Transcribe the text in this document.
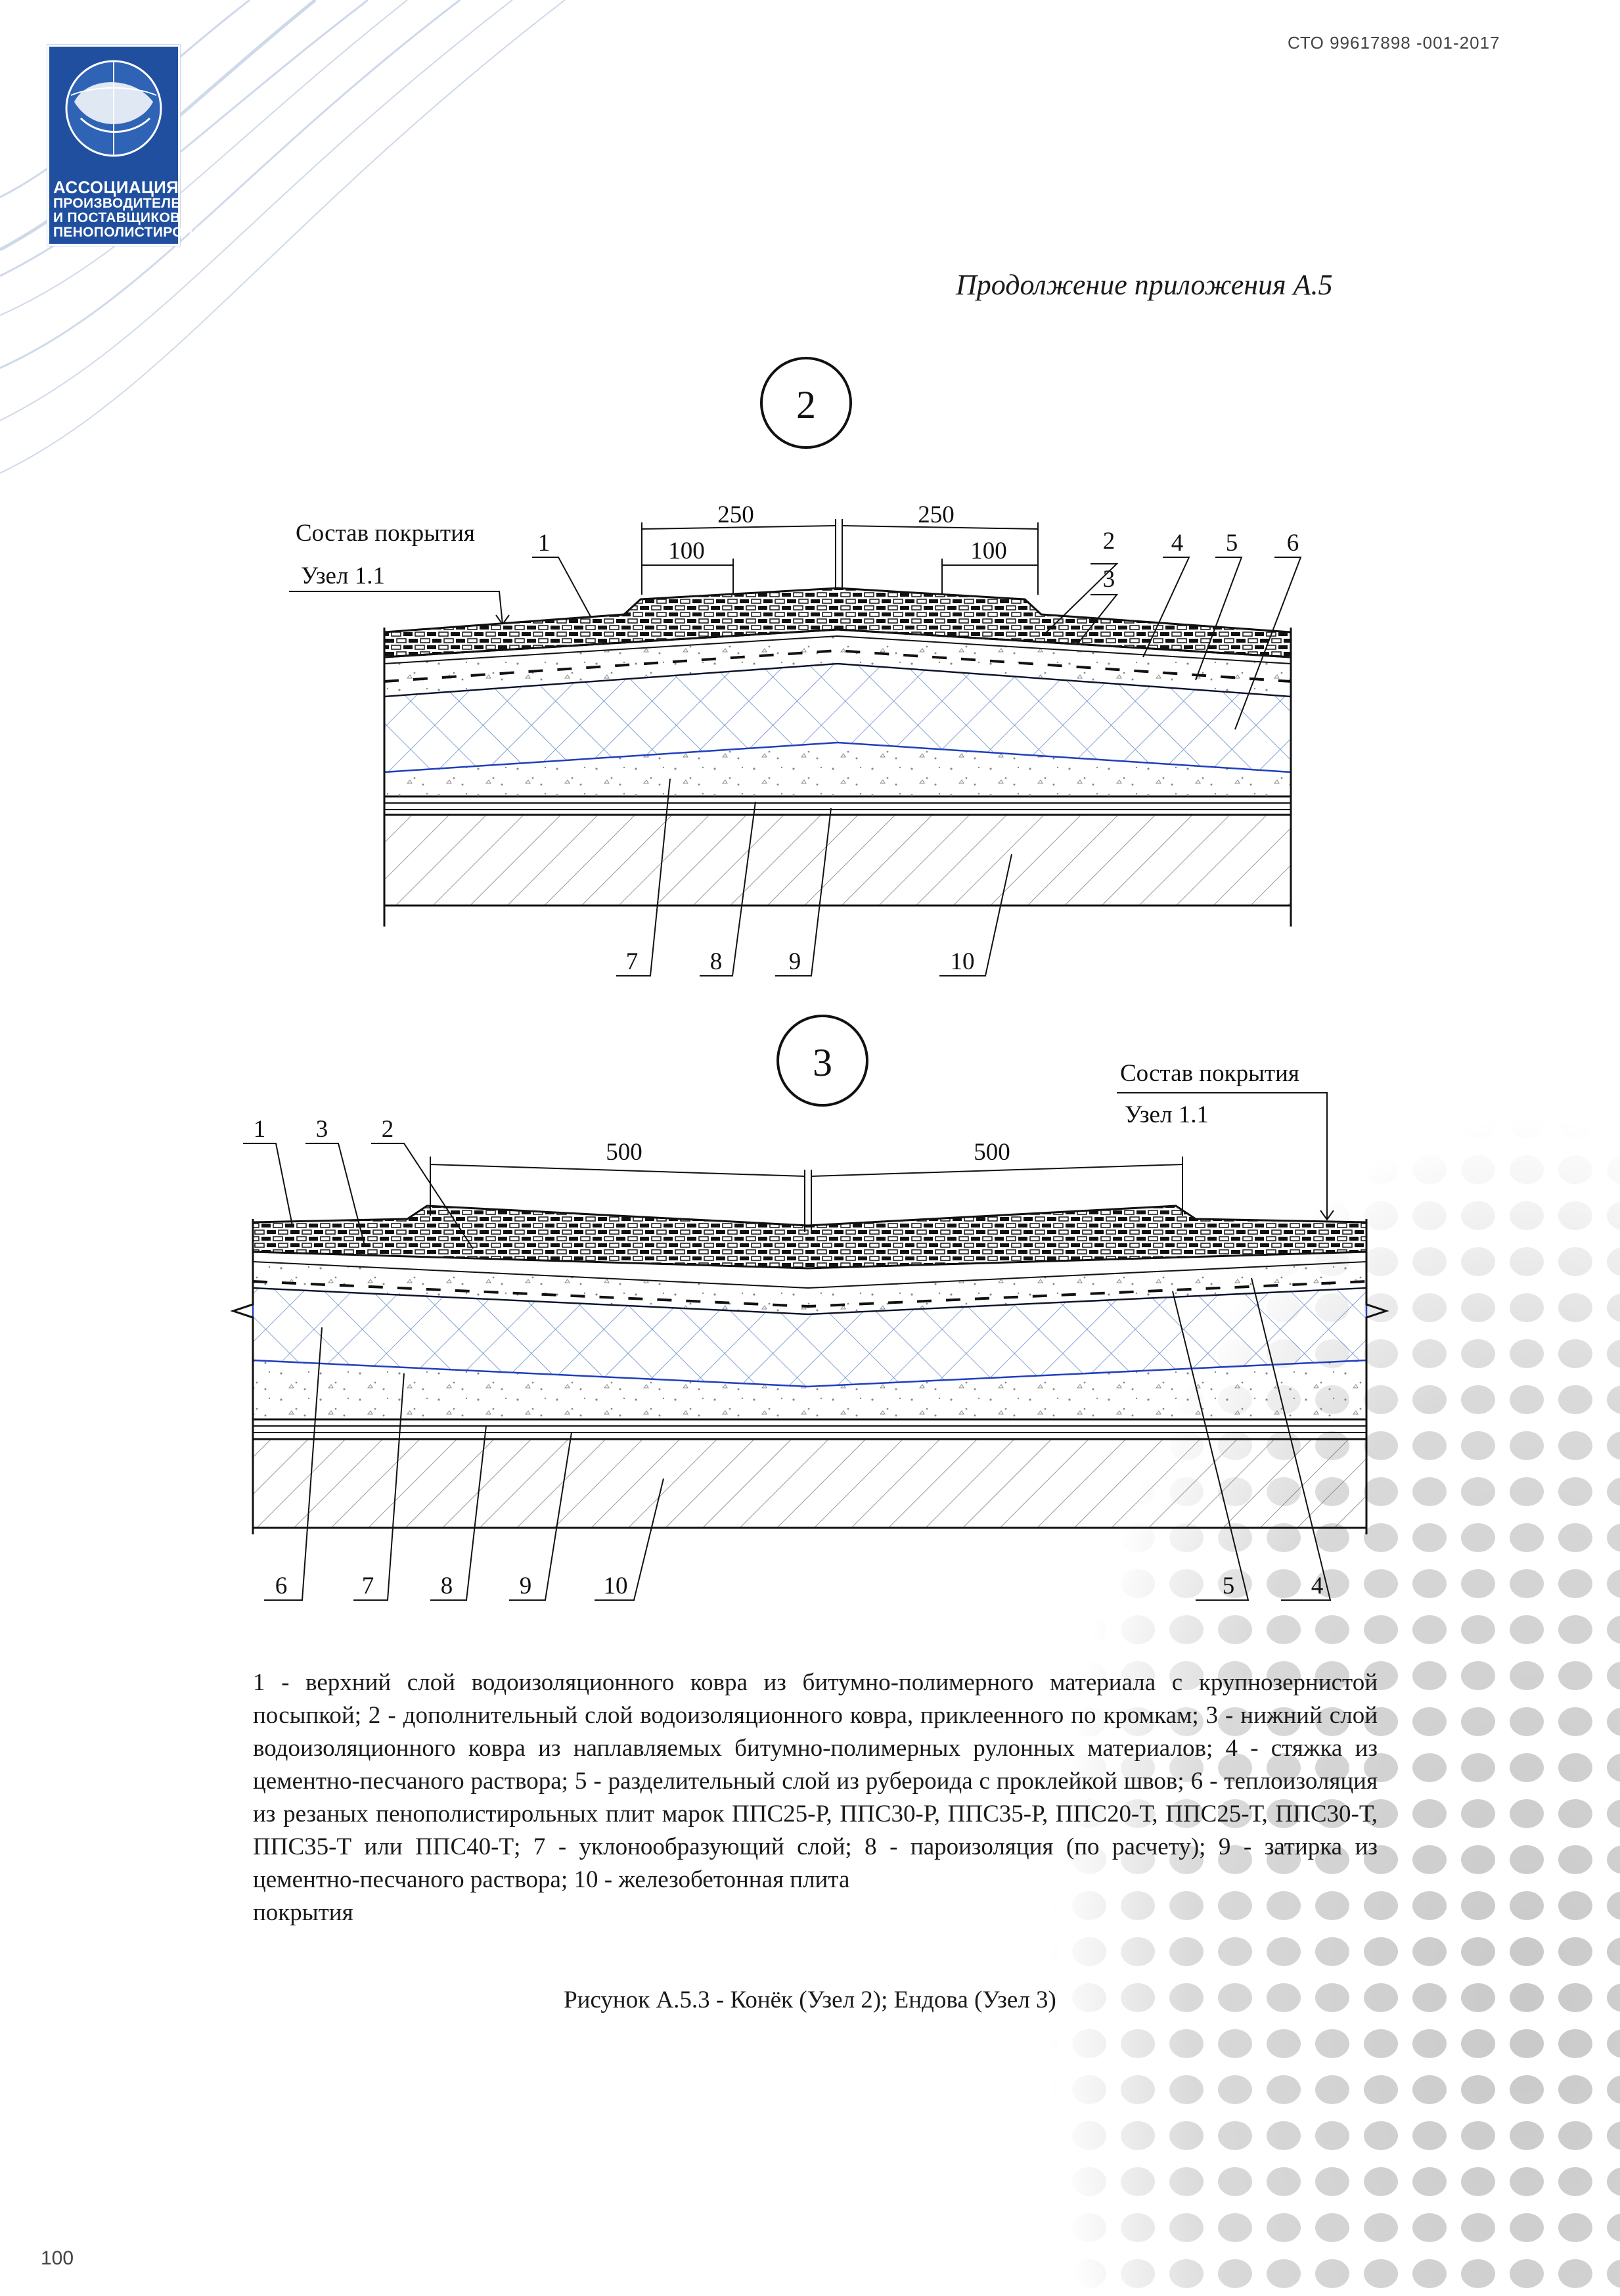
АССОЦИАЦИЯ
ПРОИЗВОДИТЕЛЕЙ
И ПОСТАВЩИКОВ
ПЕНОПОЛИСТИРОЛА
СТО 99617898 -001-2017
Продолжение приложения А.5
2
Состав покрытия
Узел 1.1
250	250
100	100
1	2
3
4 5 6
7	8	9	10
3	Состав покрытия
Узел 1.1
500	500
1 3 2
6	7	8	9	10	5	4
1 - верхний слой водоизоляционного ковра из битумно-полимерного материала с крупнозернистой посыпкой; 2 - дополнительный слой водоизоляционного ковра, приклеенного по кромкам; 3 - нижний слой водоизоляционного ковра из наплавляемых битумно-полимерных рулонных материалов; 4 - стяжка из цементно-песчаного раствора; 5 - разделительный слой из рубероида с проклейкой швов; 6 - теплоизоляция из резаных пенополистирольных плит марок ППС25-Р, ППС30-Р, ППС35-Р, ППС20-Т, ППС25-Т, ППС30-Т, ППС35-Т или ППС40-Т; 7 - уклонообразующий слой; 8 - пароизоляция (по расчету); 9 - затирка из цементно-песчаного раствора; 10 - железобетонная плита
покрытия
Рисунок А.5.3 - Конёк (Узел 2); Ендова (Узел 3)
100
